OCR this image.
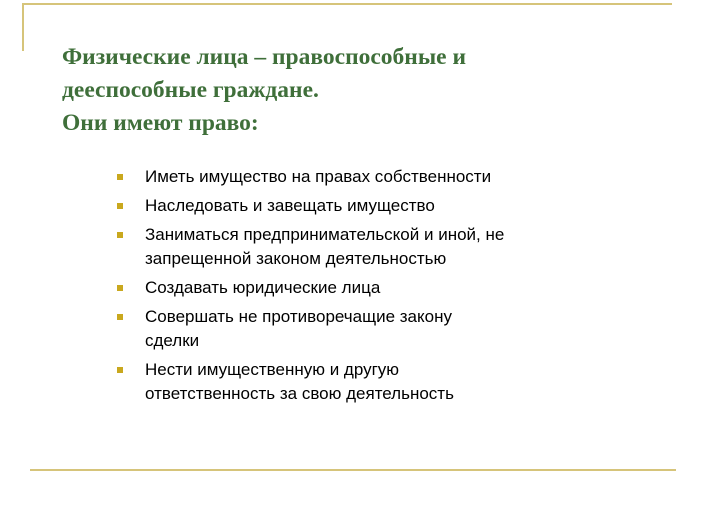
Физические лица – правоспособные и
дееспособные граждане.
Они имеют право:
Иметь имущество на правах собственности
Наследовать и завещать имущество
Заниматься предпринимательской и иной, не
запрещенной законом деятельностью
Создавать юридические лица
Совершать не противоречащие закону
сделки
Нести имущественную и другую
ответственность за свою деятельность
